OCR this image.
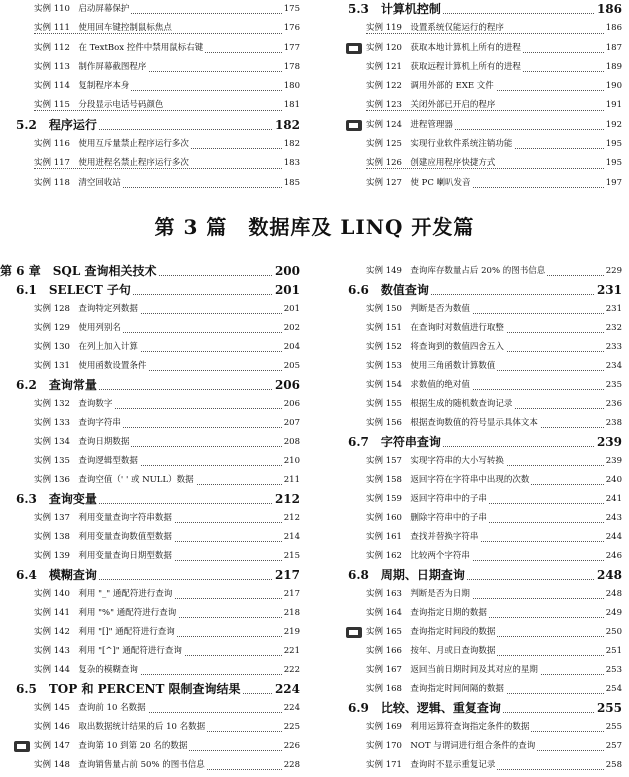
实例 110　启动屏幕保护	175
实例 111　使用回车键控制鼠标焦点	176
实例 112　在 TextBox 控件中禁用鼠标右键	177
实例 113　制作屏幕截图程序	178
实例 114　复制程序本身	180
实例 115　分段显示电话号码颜色	181
5.2　程序运行	182
实例 116　使用互斥量禁止程序运行多次	182
实例 117　使用进程名禁止程序运行多次	183
实例 118　清空回收站	185
5.3　计算机控制	186
实例 119　设置系统仅能运行的程序	186
实例 120　获取本地计算机上所有的进程	187
实例 121　获取远程计算机上所有的进程	189
实例 122　调用外部的 EXE 文件	190
实例 123　关闭外部已开启的程序	191
实例 124　进程管理器	192
实例 125　实现行业软件系统注销功能	195
实例 126　创建应用程序快捷方式	195
实例 127　使 PC 喇叭发音	197
第 3 篇　数据库及 LINQ 开发篇
第 6 章　SQL 查询相关技术	200
6.1　SELECT 子句	201
实例 128　查询特定列数据	201
实例 129　使用列别名	202
实例 130　在列上加入计算	204
实例 131　使用函数设置条件	205
6.2　查询常量	206
实例 132　查询数字	206
实例 133　查询字符串	207
实例 134　查询日期数据	208
实例 135　查询逻辑型数据	210
实例 136　查询空值（' ' 或 NULL）数据	211
6.3　查询变量	212
实例 137　利用变量查询字符串数据	212
实例 138　利用变量查询数值型数据	214
实例 139　利用变量查询日期型数据	215
6.4　模糊查询	217
实例 140　利用 "_" 通配符进行查询	217
实例 141　利用 "%" 通配符进行查询	218
实例 142　利用 "[]" 通配符进行查询	219
实例 143　利用 "[^]" 通配符进行查询	221
实例 144　复杂的模糊查询	222
6.5　TOP 和 PERCENT 限制查询结果	224
实例 145　查询前 10 名数据	224
实例 146　取出数据统计结果的后 10 名数据	225
实例 147　查询第 10 到第 20 名的数据	226
实例 148　查询销售量占前 50% 的图书信息	228
实例 149　查询库存数量占后 20% 的图书信息	229
6.6　数值查询	231
实例 150　判断是否为数值	231
实例 151　在查询时对数值进行取整	232
实例 152　将查询到的数值四舍五入	233
实例 153　使用三角函数计算数值	234
实例 154　求数值的绝对值	235
实例 155　根据生成的随机数查询记录	236
实例 156　根据查询数值的符号显示具体文本	238
6.7　字符串查询	239
实例 157　实现字符串的大小写转换	239
实例 158　返回字符在字符串中出现的次数	240
实例 159　返回字符串中的子串	241
实例 160　删除字符串中的子串	243
实例 161　查找并替换字符串	244
实例 162　比较两个字符串	246
6.8　周期、日期查询	248
实例 163　判断是否为日期	248
实例 164　查询指定日期的数据	249
实例 165　查询指定时间段的数据	250
实例 166　按年、月或日查询数据	251
实例 167　返回当前日期时间及其对应的星期	253
实例 168　查询指定时间间隔的数据	254
6.9　比较、逻辑、重复查询	255
实例 169　利用运算符查询指定条件的数据	255
实例 170　NOT 与谓词进行组合条件的查询	257
实例 171　查询时不显示重复记录	258
